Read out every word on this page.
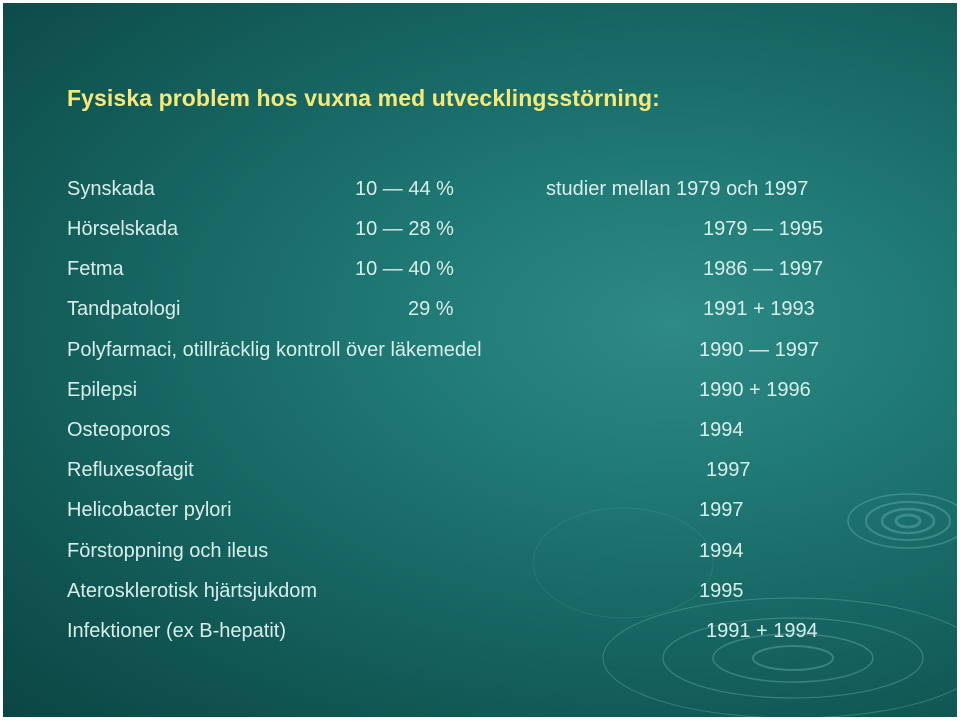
Fysiska problem hos vuxna med utvecklingsstörning:
Synskada	10 — 44 %	studier mellan 1979 och 1997
Hörselskada	10 — 28 %	1979 — 1995
Fetma	10 — 40 %	1986 — 1997
Tandpatologi	29 %	1991 + 1993
Polyfarmaci, otillräcklig kontroll över läkemedel	1990 — 1997
Epilepsi	1990 + 1996
Osteoporos	1994
Refluxesofagit	1997
Helicobacter pylori	1997
Förstoppning och ileus	1994
Aterosklerotisk hjärtsjukdom	1995
Infektioner (ex B-hepatit)	1991 + 1994
